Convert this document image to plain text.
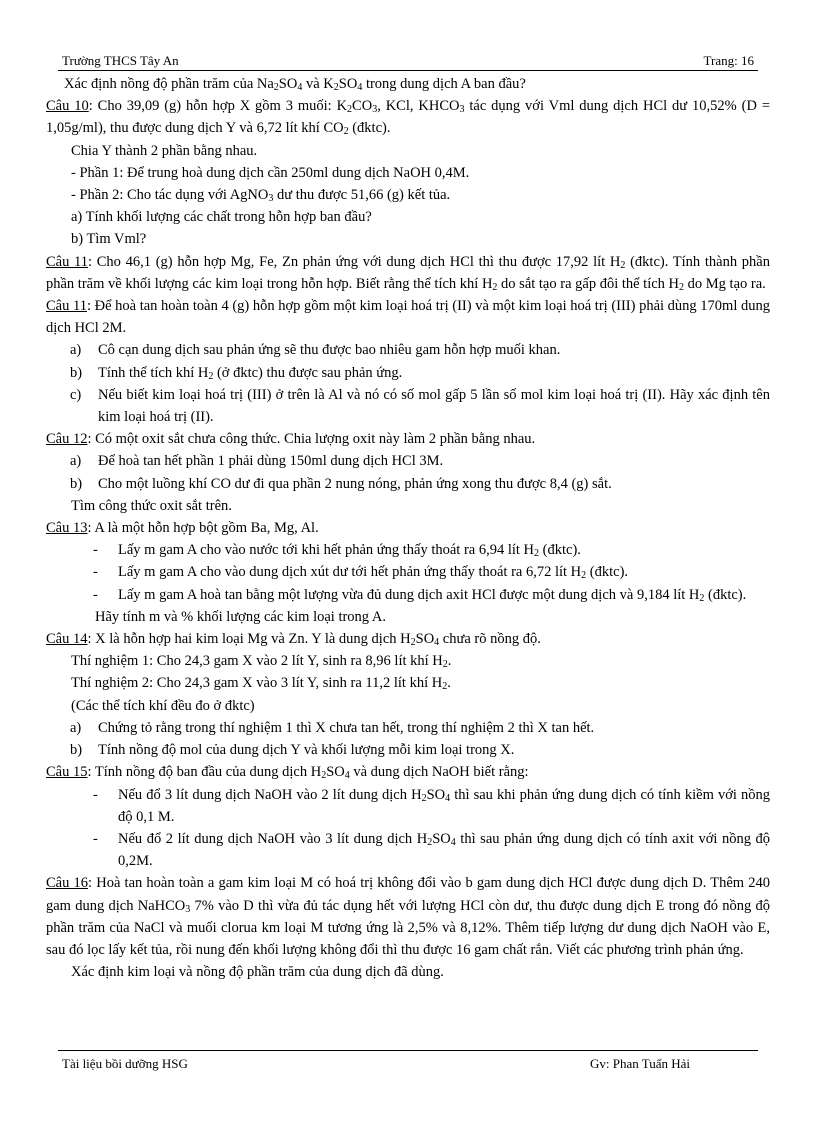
Trường THCS Tây An	Trang: 16

Xác định nồng độ phần trăm của $Na_2SO_4$ và $K_2SO_4$ trong dung dịch A ban đầu?

Câu 10: Cho 39,09 (g) hỗn hợp X gồm 3 muối: $K_2CO_3$, KCl, $KHCO_3$ tác dụng với Vml dung dịch HCl dư 10,52% (D = 1,05g/ml), thu được dung dịch Y và 6,72 lít khí $CO_2$ (đktc).

Chia Y thành 2 phần bằng nhau.

- Phần 1: Để trung hoà dung dịch cần 250ml dung dịch NaOH 0,4M.

- Phần 2: Cho tác dụng với AgNO$_3$ dư thu được 51,66 (g) kết tủa.

a) Tính khối lượng các chất trong hỗn hợp ban đầu?

b) Tìm Vml?

Câu 11: Cho 46,1 (g) hỗn hợp Mg, Fe, Zn phản ứng với dung dịch HCl thì thu được 17,92 lít $H_2$ (đktc). Tính thành phần phần trăm về khối lượng các kim loại trong hỗn hợp. Biết rằng thể tích khí $H_2$ do sắt tạo ra gấp đôi thể tích $H_2$ do Mg tạo ra.

Câu 11: Để hoà tan hoàn toàn 4 (g) hỗn hợp gồm một kim loại hoá trị (II) và một kim loại hoá trị (III) phải dùng 170ml dung dịch HCl 2M.

a) Cô cạn dung dịch sau phản ứng sẽ thu được bao nhiêu gam hỗn hợp muối khan.
b) Tính thể tích khí $H_2$ (ở đktc) thu được sau phản ứng.
c) Nếu biết kim loại hoá trị (III) ở trên là Al và nó có số mol gấp 5 lần số mol kim loại hoá trị (II). Hãy xác định tên kim loại hoá trị (II).

Câu 12: Có một oxit sắt chưa công thức. Chia lượng oxit này làm 2 phần bằng nhau.

a) Để hoà tan hết phần 1 phải dùng 150ml dung dịch HCl 3M.
b) Cho một luồng khí CO dư đi qua phần 2 nung nóng, phản ứng xong thu được 8,4 (g) sắt.

Tìm công thức oxit sắt trên.

Câu 13: A là một hỗn hợp bột gồm Ba, Mg, Al.

- Lấy m gam A cho vào nước tới khi hết phản ứng thấy thoát ra 6,94 lít $H_2$ (đktc).
- Lấy m gam A cho vào dung dịch xút dư tới hết phản ứng thấy thoát ra 6,72 lít $H_2$ (đktc).
- Lấy m gam A hoà tan bằng một lượng vừa đủ dung dịch axit HCl được một dung dịch và 9,184 lít $H_2$ (đktc).

Hãy tính m và % khối lượng các kim loại trong A.

Câu 14: X là hỗn hợp hai kim loại Mg và Zn. Y là dung dịch $H_2SO_4$ chưa rõ nồng độ.

Thí nghiệm 1: Cho 24,3 gam X vào 2 lít Y, sinh ra 8,96 lít khí $H_2$.

Thí nghiệm 2: Cho 24,3 gam X vào 3 lít Y, sinh ra 11,2 lít khí $H_2$.

(Các thể tích khí đều đo ở đktc)

a) Chứng tỏ rằng trong thí nghiệm 1 thì X chưa tan hết, trong thí nghiệm 2 thì X tan hết.
b) Tính nồng độ mol của dung dịch Y và khối lượng mỗi kim loại trong X.

Câu 15: Tính nồng độ ban đầu của dung dịch $H_2SO_4$ và dung dịch NaOH biết rằng:

- Nếu đổ 3 lít dung dịch NaOH vào 2 lít dung dịch $H_2SO_4$ thì sau khi phản ứng dung dịch có tính kiềm với nồng độ 0,1 M.
- Nếu đổ 2 lít dung dịch NaOH vào 3 lít dung dịch $H_2SO_4$ thì sau phản ứng dung dịch có tính axit với nồng độ 0,2M.

Câu 16: Hoà tan hoàn toàn a gam kim loại M có hoá trị không đổi vào b gam dung dịch HCl được dung dịch D. Thêm 240 gam dung dịch NaHCO$_3$ 7% vào D thì vừa đủ tác dụng hết với lượng HCl còn dư, thu được dung dịch E trong đó nồng độ phần trăm của NaCl và muối clorua km loại M tương ứng là 2,5% và 8,12%. Thêm tiếp lượng dư dung dịch NaOH vào E, sau đó lọc lấy kết tủa, rồi nung đến khối lượng không đổi thì thu được 16 gam chất rắn. Viết các phương trình phản ứng.

Xác định kim loại và nồng độ phần trăm của dung dịch đã dùng.

Tài liệu bồi dưỡng HSG	Gv: Phan Tuấn Hải
